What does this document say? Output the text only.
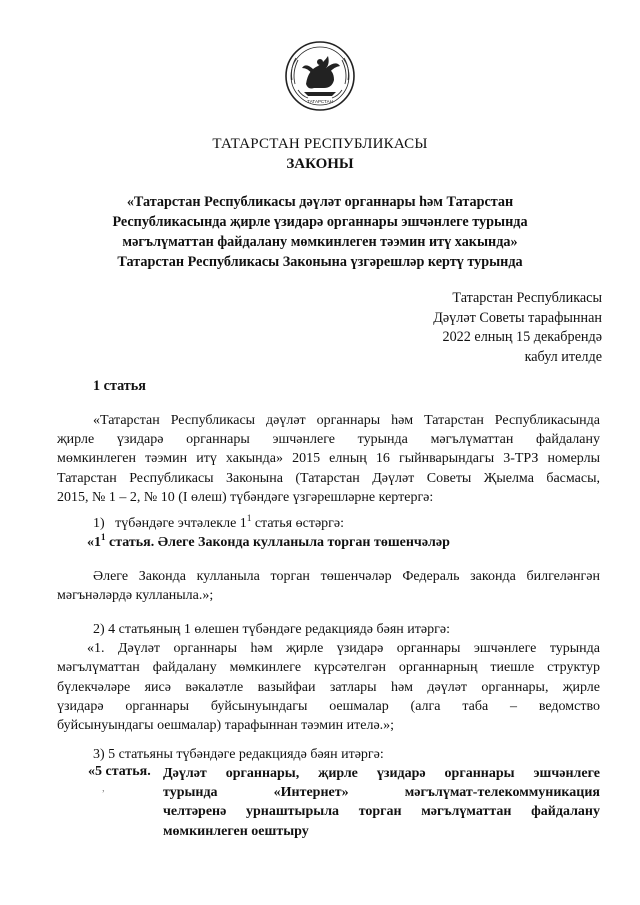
ТАТАРСТАН
ТАТАРСТАН РЕСПУБЛИКАСЫ
ЗАКОНЫ
«Татарстан Республикасы дәүләт органнары һәм Татарстан
Республикасында җирле үзидарә органнары эшчәнлеге турында
мәгълүматтан файдалану мөмкинлеген тәэмин итү хакында»
Татарстан Республикасы Законына үзгәрешләр кертү турында
Татарстан Республикасы
Дәүләт Советы тарафыннан
2022 елның 15 декабрендә
кабул ителде
1 статья
«Татарстан Республикасы дәүләт органнары һәм Татарстан Республикасында
җирле үзидарә органнары эшчәнлеге турында мәгълүматтан файдалану
мөмкинлеген тәэмин итү хакында» 2015 елның 16 гыйнварындагы 3-ТРЗ номерлы
Татарстан Республикасы Законына (Татарстан Дәүләт Советы Җыелма басмасы,
2015, № 1 – 2, № 10 (I өлеш) түбәндәге үзгәрешләрне кертергә:
1) түбәндәге эчтәлекле $1^1$ статья өстәргә:
«$1^1$ статья. Әлеге Законда кулланыла торган төшенчәләр
Әлеге Законда кулланыла торган төшенчәләр Федераль законда билгеләнгән
мәгънәләрдә кулланыла.»;
2) 4 статьяның 1 өлешен түбәндәге редакциядә бәян итәргә:
«1. Дәүләт органнары һәм җирле үзидарә органнары эшчәнлеге турында
мәгълүматтан файдалану мөмкинлеге күрсәтелгән органнарның тиешле структур
бүлекчәләре яисә вәкаләтле вазыйфаи затлары һәм дәүләт органнары, җирле
үзидарә органнары буйсынуындагы оешмалар (алга таба – ведомство
буйсынуындагы оешмалар) тарафыннан тәэмин ителә.»;
3) 5 статьяны түбәндәге редакциядә бәян итәргә:
«5 статья.
,
Дәүләт органнары, җирле үзидарә органнары эшчәнлеге
турында «Интернет» мәгълүмат-телекоммуникация
челтәренә урнаштырыла торган мәгълүматтан файдалану
мөмкинлеген оештыру
